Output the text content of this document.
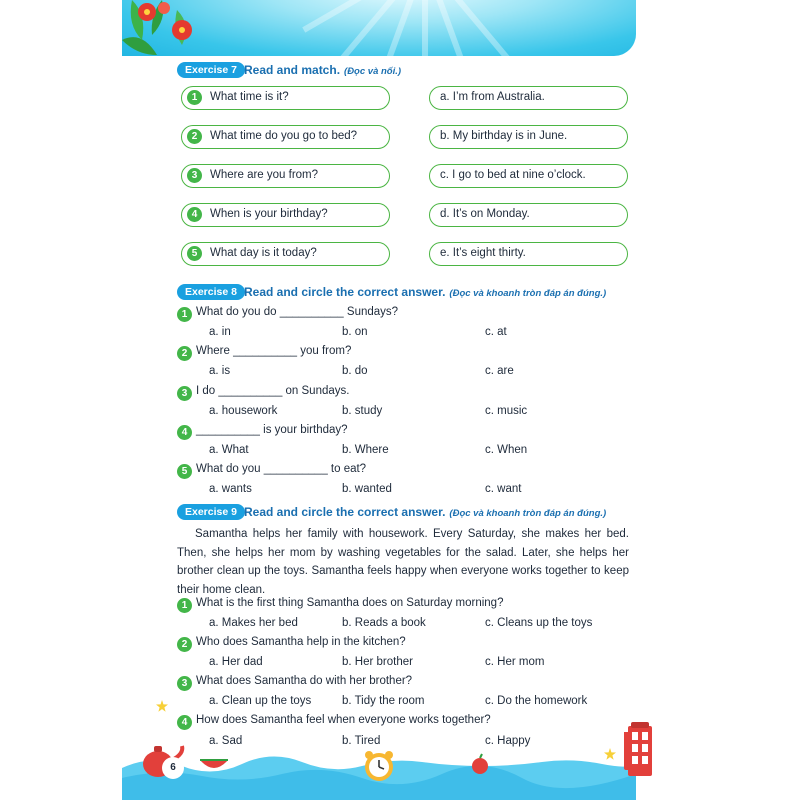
Exercise 7 Read and match. (Đọc và nối.)
1	What time is it?
2	What time do you go to bed?
3	Where are you from?
4	When is your birthday?
5	What day is it today?
a. I’m from Australia.
b. My birthday is in June.
c. I go to bed at nine o’clock.
d. It’s on Monday.
e. It’s eight thirty.
Exercise 8 Read and circle the correct answer. (Đọc và khoanh tròn đáp án đúng.)
1 What do you do __________ Sundays?
a. in	b. on	c. at
2 Where __________ you from?
a. is	b. do	c. are
3 I do __________ on Sundays.
a. housework	b. study	c. music
4 __________ is your birthday?
a. What	b. Where	c. When
5 What do you __________ to eat?
a. wants	b. wanted	c. want
Exercise 9 Read and circle the correct answer. (Đọc và khoanh tròn đáp án đúng.)
Samantha helps her family with housework. Every Saturday, she makes her bed. Then, she helps her mom by washing vegetables for the salad. Later, she helps her brother clean up the toys. Samantha feels happy when everyone works together to keep their home clean.
1 What is the first thing Samantha does on Saturday morning?
a. Makes her bed	b. Reads a book	c. Cleans up the toys
2 Who does Samantha help in the kitchen?
a. Her dad	b. Her brother	c. Her mom
3 What does Samantha do with her brother?
a. Clean up the toys	b. Tidy the room	c. Do the homework
4 How does Samantha feel when everyone works together?
a. Sad	b. Tired	c. Happy
6
